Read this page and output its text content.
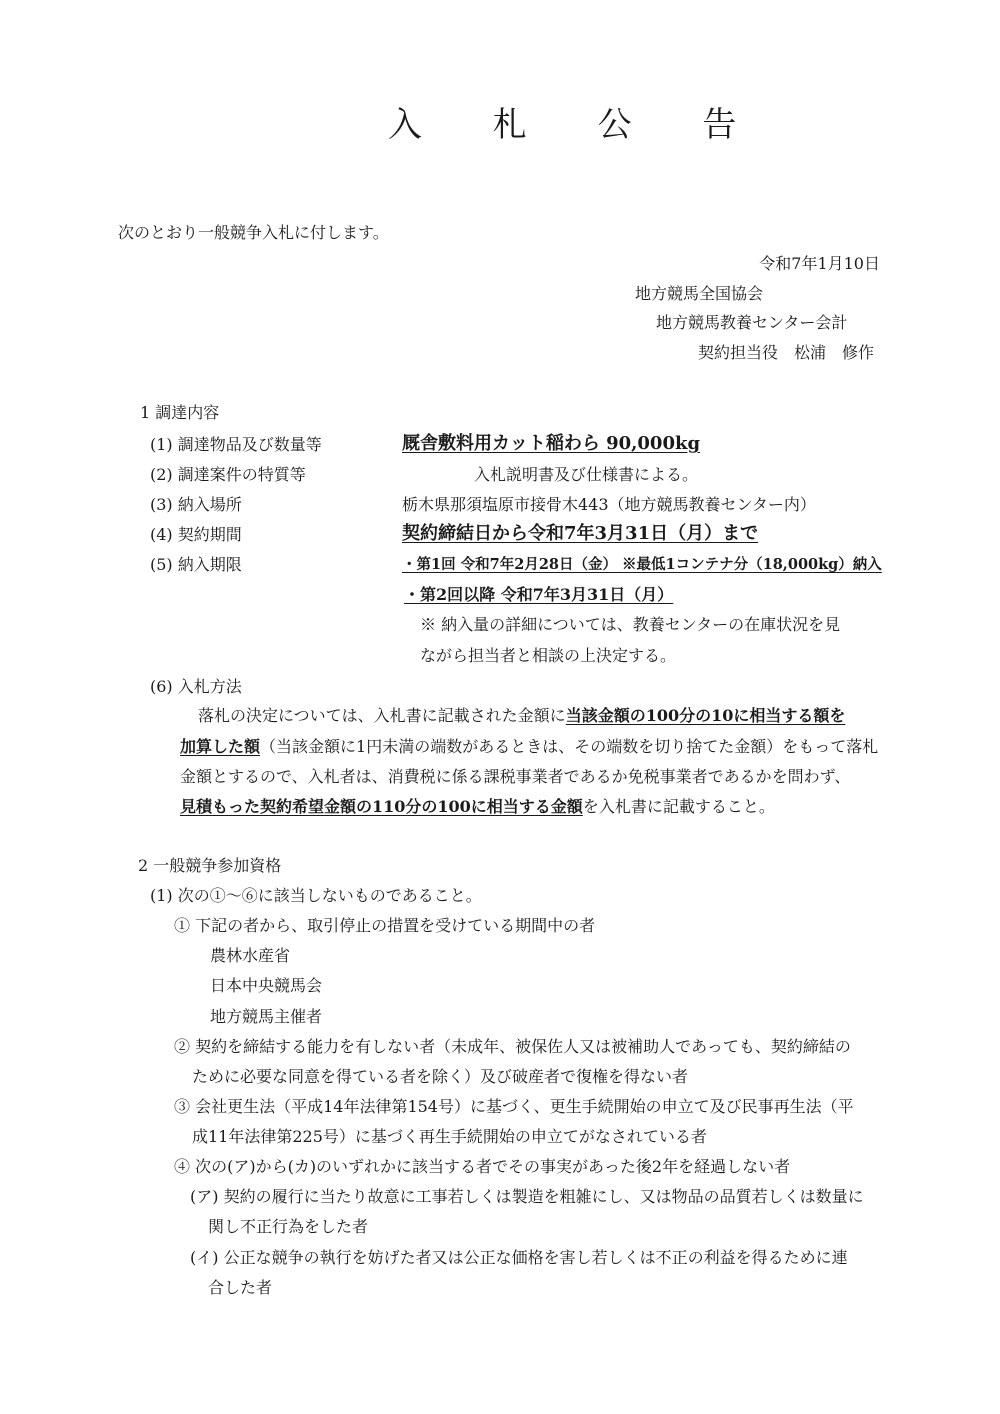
入 札 公 告
次のとおり一般競争入札に付します。
令和7年1月10日
地方競馬全国協会
地方競馬教養センター会計
契約担当役　松浦　修作
1 調達内容
(1) 調達物品及び数量等	厩舎敷料用カット稲わら 90,000kg
(2) 調達案件の特質等	入札説明書及び仕様書による。
(3) 納入場所	栃木県那須塩原市接骨木443（地方競馬教養センター内）
(4) 契約期間	契約締結日から令和7年3月31日（月）まで
(5) 納入期限	・第1回 令和7年2月28日（金） ※最低1コンテナ分（18,000kg）納入
・第2回以降 令和7年3月31日（月）
※ 納入量の詳細については、教養センターの在庫状況を見
ながら担当者と相談の上決定する。
(6) 入札方法
落札の決定については、入札書に記載された金額に当該金額の100分の10に相当する額を
加算した額（当該金額に1円未満の端数があるときは、その端数を切り捨てた金額）をもって落札
金額とするので、入札者は、消費税に係る課税事業者であるか免税事業者であるかを問わず、
見積もった契約希望金額の110分の100に相当する金額を入札書に記載すること。
2 一般競争参加資格
(1) 次の①～⑥に該当しないものであること。
① 下記の者から、取引停止の措置を受けている期間中の者
農林水産省
日本中央競馬会
地方競馬主催者
② 契約を締結する能力を有しない者（未成年、被保佐人又は被補助人であっても、契約締結の
ために必要な同意を得ている者を除く）及び破産者で復権を得ない者
③ 会社更生法（平成14年法律第154号）に基づく、更生手続開始の申立て及び民事再生法（平
成11年法律第225号）に基づく再生手続開始の申立てがなされている者
④ 次の(ア)から(カ)のいずれかに該当する者でその事実があった後2年を経過しない者
(ア) 契約の履行に当たり故意に工事若しくは製造を粗雑にし、又は物品の品質若しくは数量に
関し不正行為をした者
(イ) 公正な競争の執行を妨げた者又は公正な価格を害し若しくは不正の利益を得るために連
合した者
